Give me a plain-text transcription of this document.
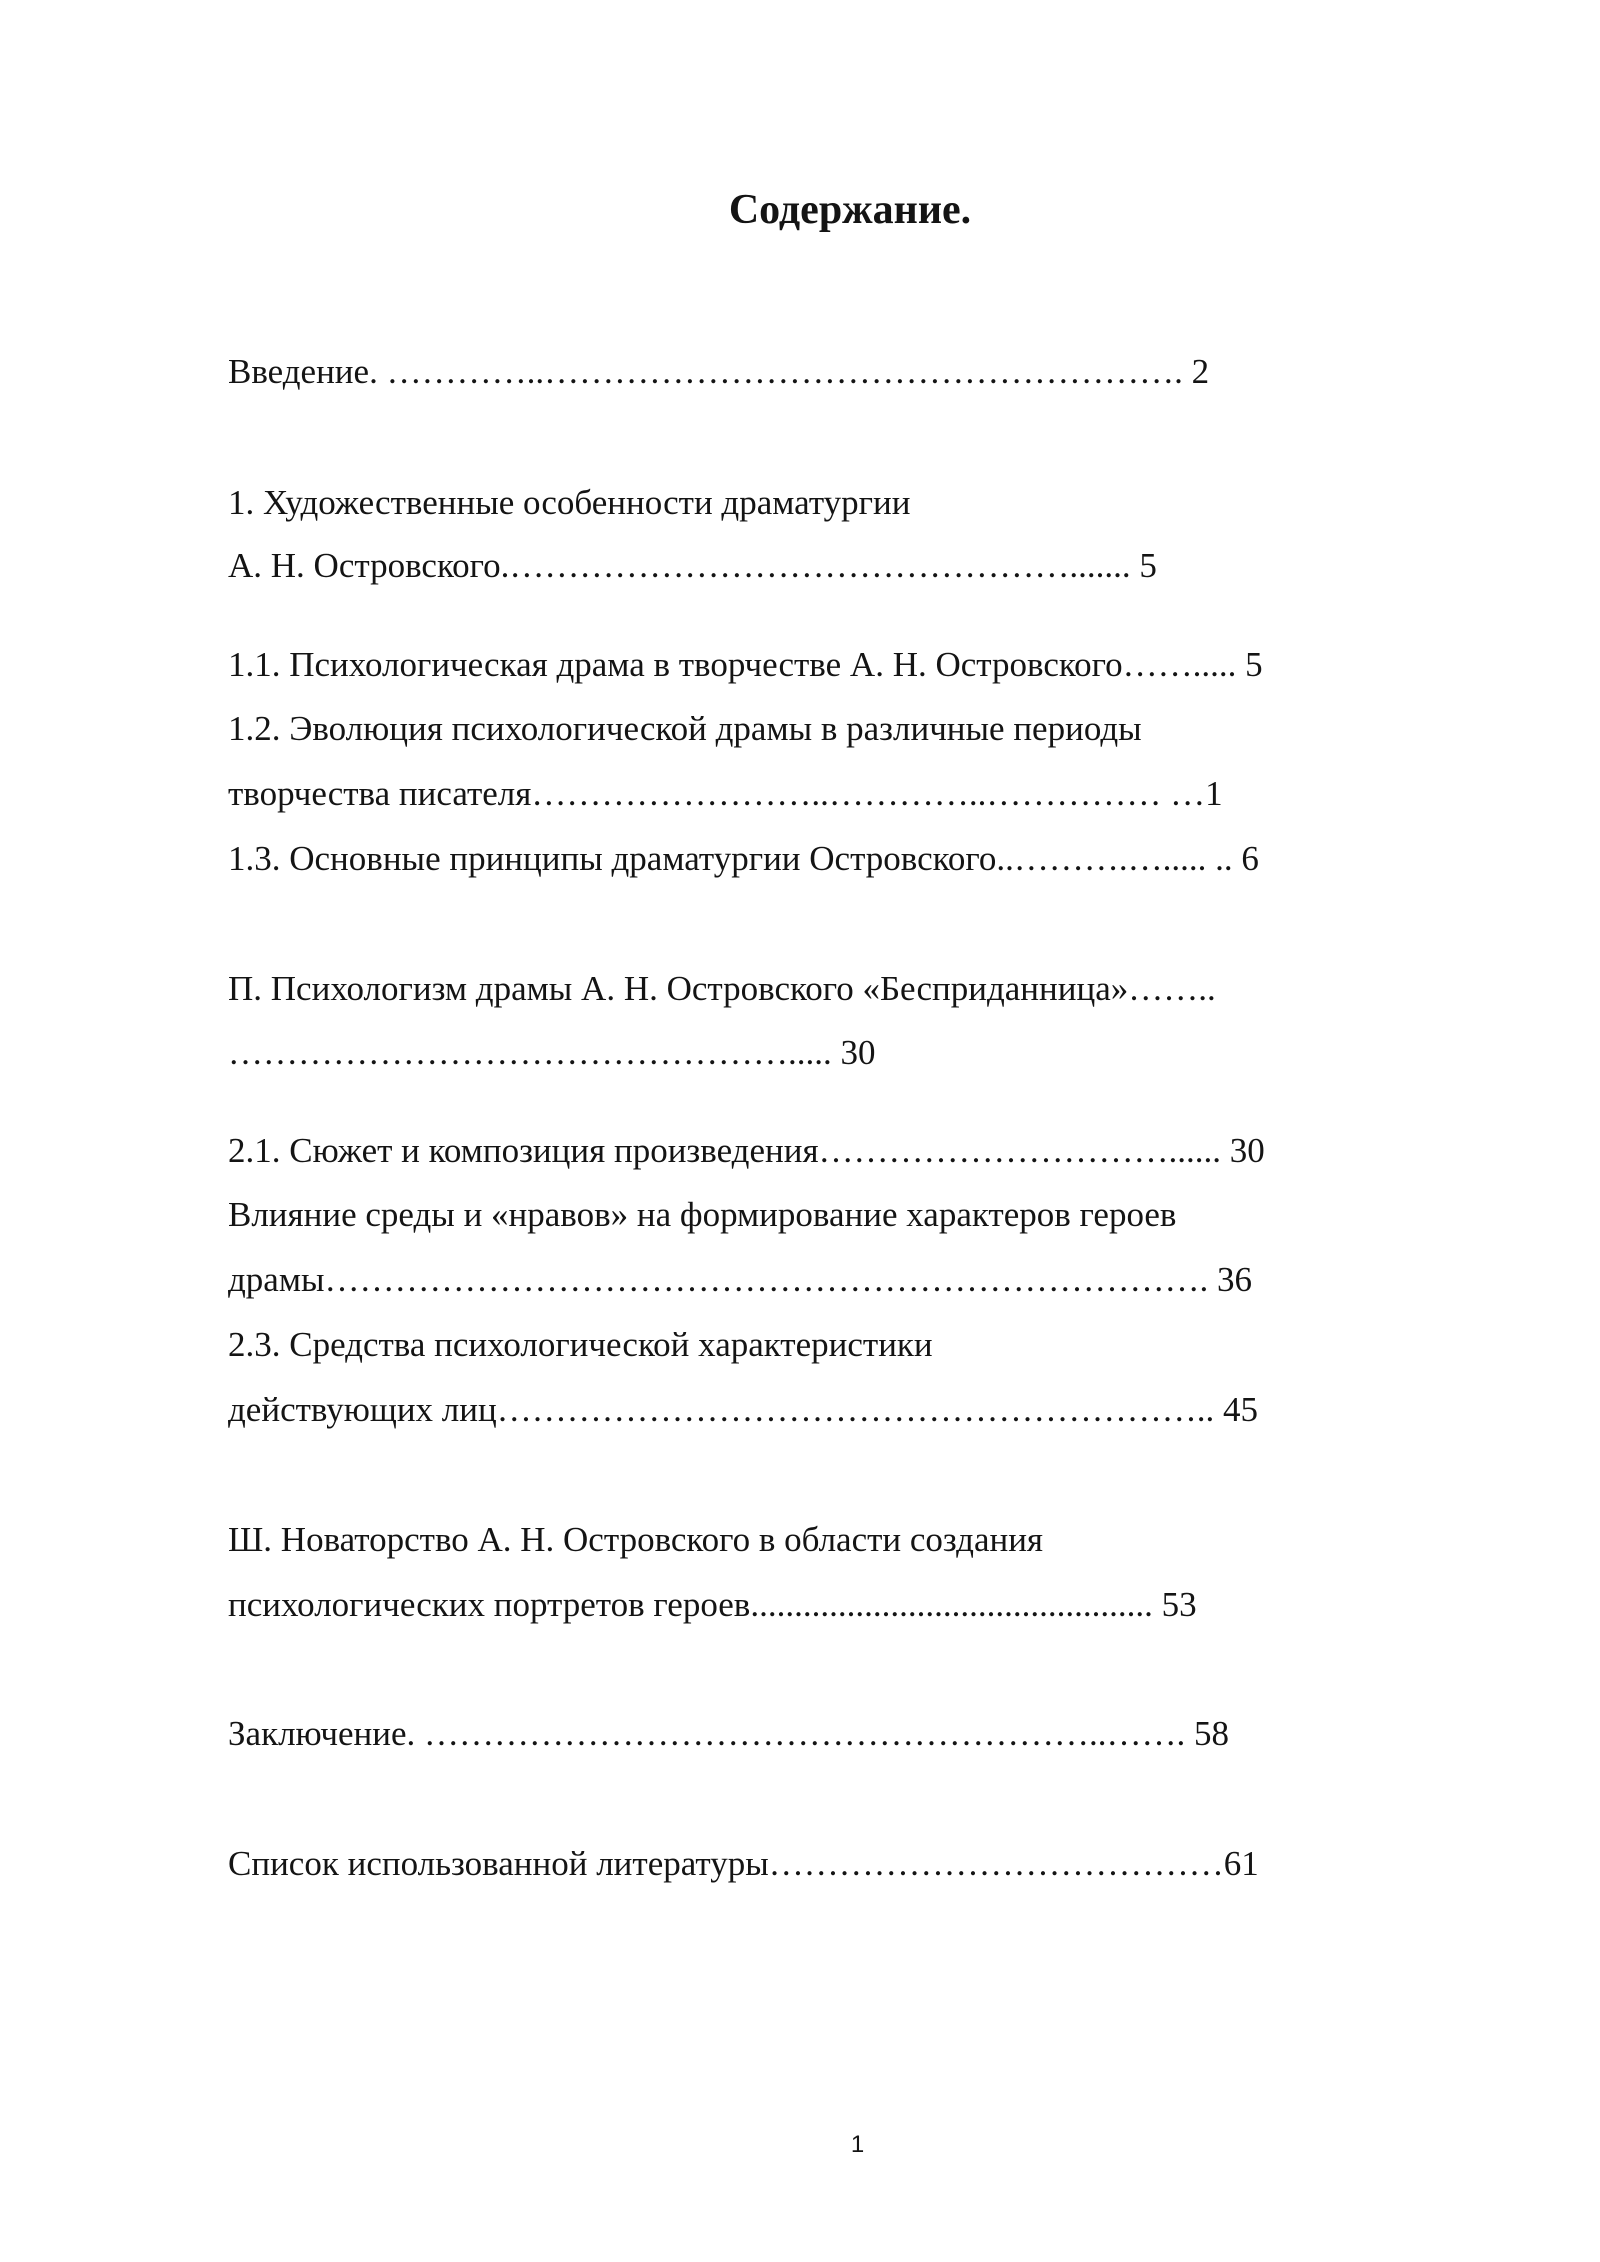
Содержание.
Введение. …………..………………………………………………. 2
1. Художественные особенности драматургии
А. Н. Островского.…………………………………………....... 5
1.1. Психологическая драма в творчестве А. Н. Островского……..... 5
1.2. Эволюция психологической драмы в различные периоды
творчества писателя……………………..…………..…………… …1
1.3. Основные принципы драматургии Островского..……….…..... .. 6
П. Психологизм драмы А. Н. Островского «Бесприданница»……..
…………………………………………..... 30
2.1. Сюжет и композиция произведения…………………………...... 30
Влияние среды и «нравов» на формирование характеров героев
драмы…………………………………………………………………. 36
2.3. Средства психологической характеристики
действующих лиц…………………………………………………….. 45
Ш. Новаторство А. Н. Островского в области создания
психологических портретов героев.............................................. 53
Заключение. …………………………………………………..……. 58
Список использованной литературы…………………………………61
1
